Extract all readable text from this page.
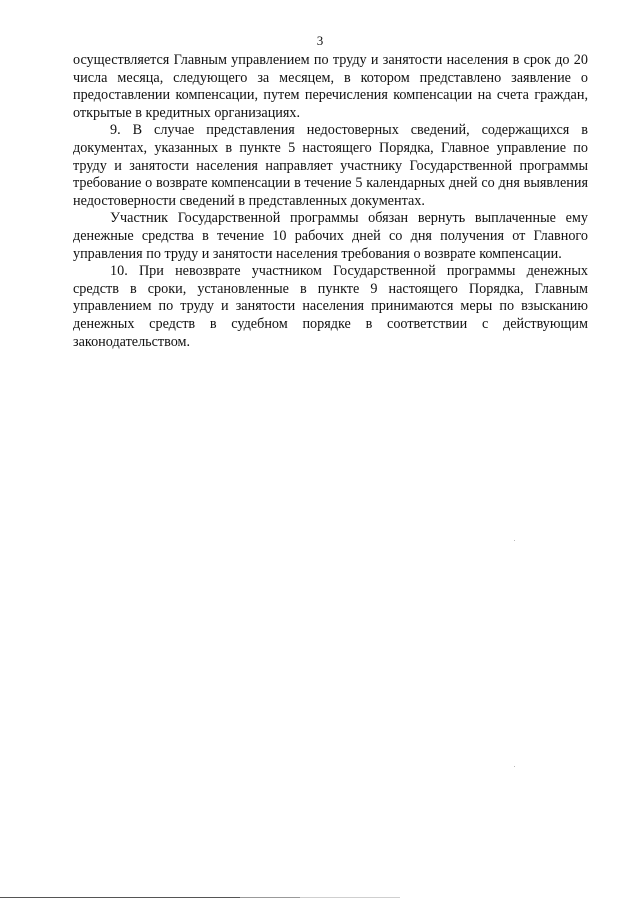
3

осуществляется Главным управлением по труду и занятости населения в срок до 20 числа месяца, следующего за месяцем, в котором представлено заявление о предоставлении компенсации, путем перечисления компенсации на счета граждан, открытые в кредитных организациях.

9. В случае представления недостоверных сведений, содержащихся в документах, указанных в пункте 5 настоящего Порядка, Главное управление по труду и занятости населения направляет участнику Государственной программы требование о возврате компенсации в течение 5 календарных дней со дня выявления недостоверности сведений в представленных документах.

Участник Государственной программы обязан вернуть выплаченные ему денежные средства в течение 10 рабочих дней со дня получения от Главного управления по труду и занятости населения требования о возврате компенсации.

10. При невозврате участником Государственной программы денежных средств в сроки, установленные в пункте 9 настоящего Порядка, Главным управлением по труду и занятости населения принимаются меры по взысканию денежных средств в судебном порядке в соответствии с действующим законодательством.
